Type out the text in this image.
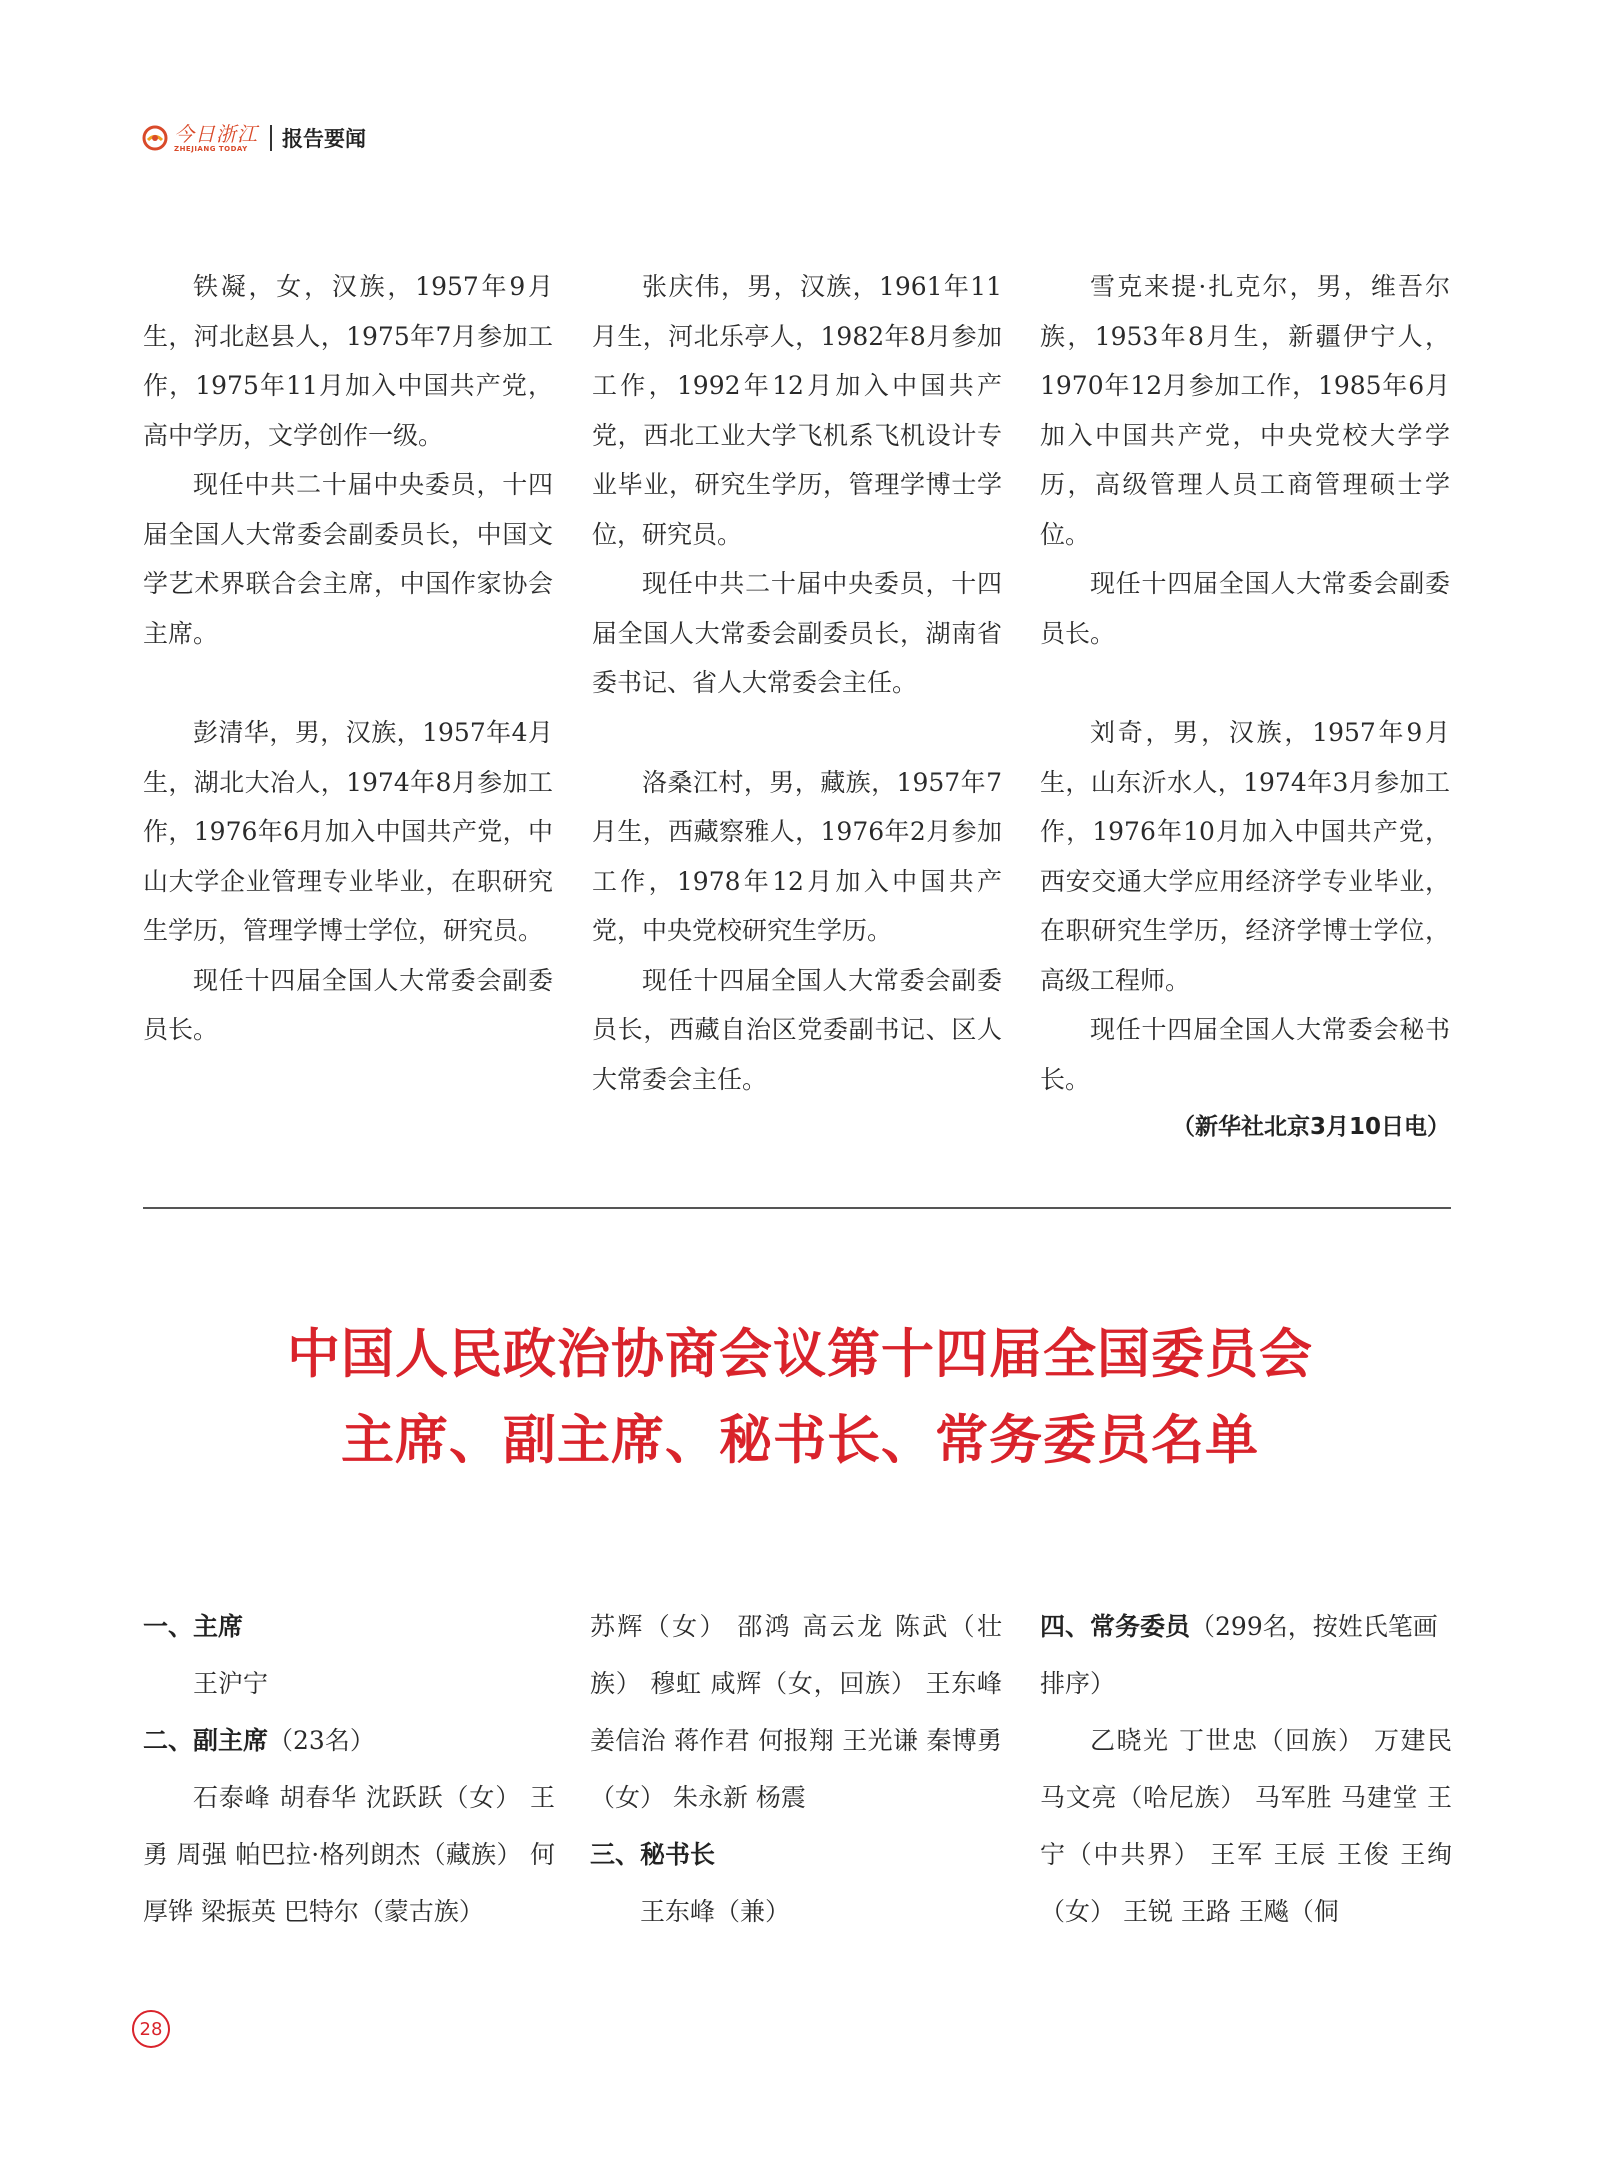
今日浙江
ZHEJIANG TODAY	报告要闻

铁凝，女，汉族，1957年9月生，河北赵县人，1975年7月参加工作，1975年11月加入中国共产党，高中学历，文学创作一级。

现任中共二十届中央委员，十四届全国人大常委会副委员长，中国文学艺术界联合会主席，中国作家协会主席。

彭清华，男，汉族，1957年4月生，湖北大冶人，1974年8月参加工作，1976年6月加入中国共产党，中山大学企业管理专业毕业，在职研究生学历，管理学博士学位，研究员。

现任十四届全国人大常委会副委员长。

张庆伟，男，汉族，1961年11月生，河北乐亭人，1982年8月参加工作，1992年12月加入中国共产党，西北工业大学飞机系飞机设计专业毕业，研究生学历，管理学博士学位，研究员。

现任中共二十届中央委员，十四届全国人大常委会副委员长，湖南省委书记、省人大常委会主任。

洛桑江村，男，藏族，1957年7月生，西藏察雅人，1976年2月参加工作，1978年12月加入中国共产党，中央党校研究生学历。

现任十四届全国人大常委会副委员长，西藏自治区党委副书记、区人大常委会主任。

雪克来提·扎克尔，男，维吾尔族，1953年8月生，新疆伊宁人，1970年12月参加工作，1985年6月加入中国共产党，中央党校大学学历，高级管理人员工商管理硕士学位。

现任十四届全国人大常委会副委员长。

刘奇，男，汉族，1957年9月生，山东沂水人，1974年3月参加工作，1976年10月加入中国共产党，西安交通大学应用经济学专业毕业，在职研究生学历，经济学博士学位，高级工程师。

现任十四届全国人大常委会秘书长。

（新华社北京3月10日电）
中国人民政治协商会议第十四届全国委员会
主席、副主席、秘书长、常务委员名单
一、主席
王沪宁
二、副主席（23名）

石泰峰 胡春华 沈跃跃（女） 王勇 周强 帕巴拉·格列朗杰（藏族） 何厚铧 梁振英 巴特尔（蒙古族）

苏辉（女） 邵鸿 高云龙 陈武（壮族） 穆虹 咸辉（女，回族） 王东峰 姜信治 蒋作君 何报翔 王光谦 秦博勇（女） 朱永新 杨震

三、秘书长
王东峰（兼）
四、常务委员（299名，按姓氏笔画排序）

乙晓光 丁世忠（回族） 万建民 马文亮（哈尼族） 马军胜 马建堂 王宁（中共界） 王军 王辰 王俊 王绚（女） 王锐 王路 王飚（侗

28
